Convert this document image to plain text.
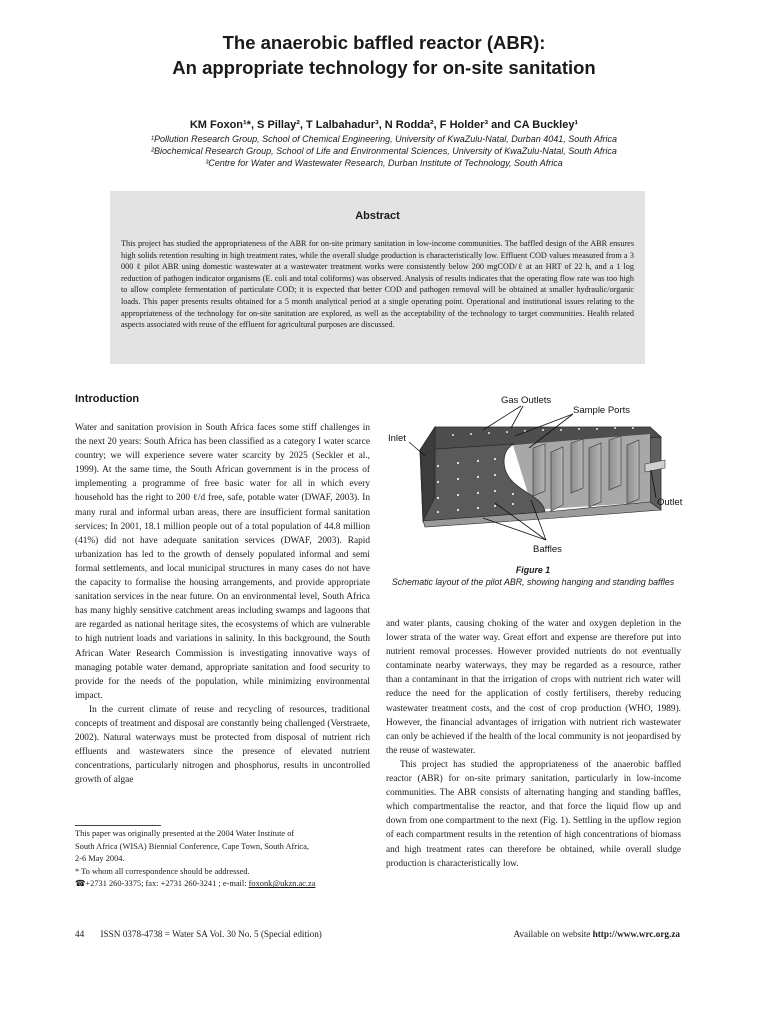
The anaerobic baffled reactor (ABR):
An appropriate technology for on-site sanitation
KM Foxon¹*, S Pillay², T Lalbahadur³, N Rodda², F Holder³ and CA Buckley¹
¹Pollution Research Group, School of Chemical Engineering, University of KwaZulu-Natal, Durban 4041, South Africa
²Biochemical Research Group, School of Life and Environmental Sciences, University of KwaZulu-Natal, South Africa
³Centre for Water and Wastewater Research, Durban Institute of Technology, South Africa
Abstract
This project has studied the appropriateness of the ABR for on-site primary sanitation in low-income communities. The baffled design of the ABR ensures high solids retention resulting in high treatment rates, while the overall sludge production is characteristically low. Effluent COD values measured from a 3 000 ℓ pilot ABR using domestic wastewater at a wastewater treatment works were consistently below 200 mgCOD/ℓ at an HRT of 22 h, and a 1 log reduction of pathogen indicator organisms (E. coli and total coliforms) was observed. Analysis of results indicates that the operating flow rate was too high to allow complete fermentation of particulate COD; it is expected that better COD and pathogen removal will be obtained at smaller hydraulic/organic loads. This paper presents results obtained for a 5 month analytical period at a single operating point. Operational and institutional issues relating to the appropriateness of the technology for on-site sanitation are explored, as well as the acceptability of the technology to target communities. Health related aspects associated with reuse of the effluent for agricultural purposes are discussed.
Introduction

Water and sanitation provision in South Africa faces some stiff challenges in the next 20 years: South Africa has been classified as a category I water scarce country; we will experience severe water scarcity by 2025 (Seckler et al., 1999). At the same time, the South African government is in the process of implementing a programme of free basic water for all in which every household has the right to 200 ℓ/d free, safe, potable water (DWAF, 2003). In many rural and informal urban areas, there are insufficient formal sanitation services; In 2001, 18.1 million people out of a total population of 44.8 million (41%) did not have adequate sanitation services (DWAF, 2003). Rapid urbanization has led to the growth of densely populated informal and semi formal settlements, and local municipal structures in many cases do not have the capacity to formalise the housing arrangements, and provide appropriate sanitation services in the near future. On an environmental level, South Africa has many highly sensitive catchment areas including swamps and lagoons that are regarded as national heritage sites, the ecosystems of which are vulnerable to high nutrient loads and variations in salinity. In this background, the South African Water Research Commission is investigating innovative ways of managing potable water demand, appropriate sanitation and food security to provide for the needs of the population, while minimizing environmental impact.

In the current climate of reuse and recycling of resources, traditional concepts of treatment and disposal are constantly being challenged (Verstraete, 2002). Natural waterways must be protected from disposal of nutrient rich effluents and wastewaters since the presence of elevated nutrient concentrations, particularly nitrogen and phosphorus, results in uncontrolled growth of algae

This paper was originally presented at the 2004 Water Institute of
South Africa (WISA) Biennial Conference, Cape Town, South Africa,
2-6 May 2004.
* To whom all correspondence should be addressed.
☎+2731 260-3375; fax: +2731 260-3241 ; e-mail: foxonk@ukzn.ac.za
Gas Outlets
Sample Ports
Inlet
Outlet
Baffles
Figure 1
Schematic layout of the pilot ABR, showing hanging and standing baffles

and water plants, causing choking of the water and oxygen depletion in the lower strata of the water way. Great effort and expense are therefore put into nutrient removal processes. However provided nutrients do not eventually contaminate nearby waterways, they may be regarded as a resource, rather than a contaminant in that the irrigation of crops with nutrient rich water will reduce the need for the application of costly fertilisers, thereby reducing wastewater treatment costs, and the cost of crop production (WHO, 1989). However, the financial advantages of irrigation with nutrient rich wastewater can only be achieved if the health of the local community is not jeopardised by the reuse of wastewater.

This project has studied the appropriateness of the anaerobic baffled reactor (ABR) for on-site primary sanitation, particularly in low-income communities. The ABR consists of alternating hanging and standing baffles, which compartmentalise the reactor, and that force the liquid flow up and down from one compartment to the next (Fig. 1). Settling in the upflow region of each compartment results in the retention of high concentrations of biomass and high treatment rates can therefore be obtained, while overall sludge production is characteristically low.

44 ISSN 0378-4738 = Water SA Vol. 30 No. 5 (Special edition)	Available on website http://www.wrc.org.za
